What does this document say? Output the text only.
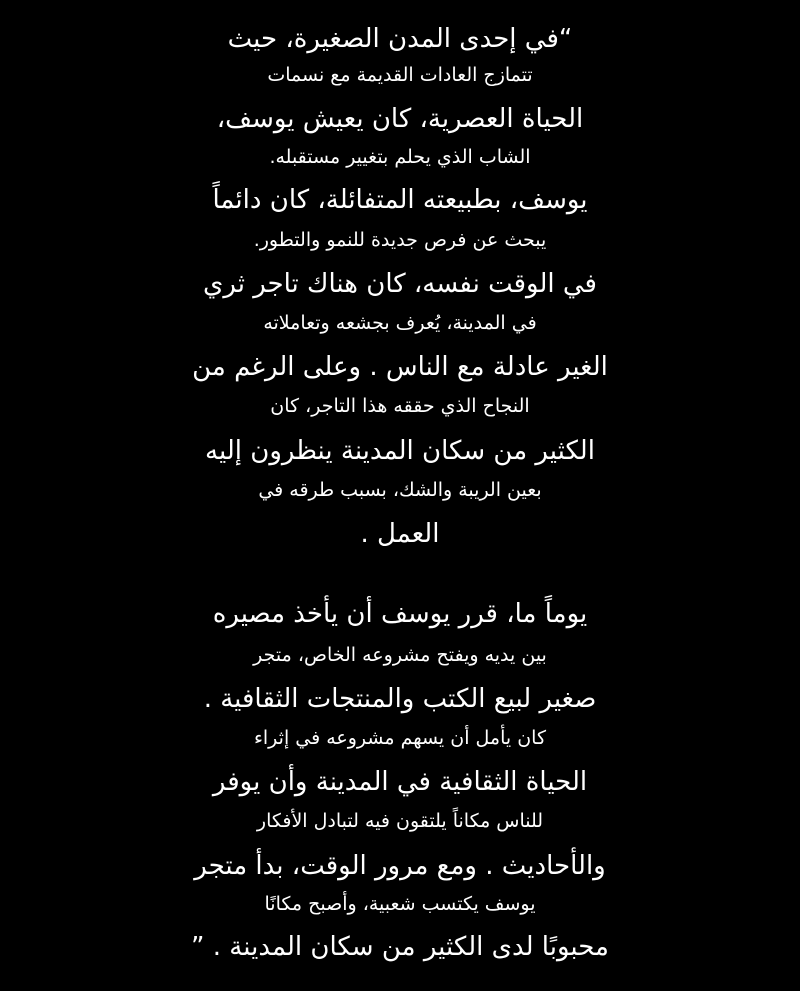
“في إحدى المدن الصغيرة، حيث
تتمازج العادات القديمة مع نسمات
الحياة العصرية، كان يعيش يوسف،
الشاب الذي يحلم بتغيير مستقبله.
يوسف، بطبيعته المتفائلة، كان دائماً
يبحث عن فرص جديدة للنمو والتطور.
في الوقت نفسه، كان هناك تاجر ثري
في المدينة، يُعرف بجشعه وتعاملاته
الغير عادلة مع الناس . وعلى الرغم من
النجاح الذي حققه هذا التاجر، كان
الكثير من سكان المدينة ينظرون إليه
بعين الريبة والشك، بسبب طرقه في
العمل .
يوماً ما، قرر يوسف أن يأخذ مصيره
بين يديه ويفتح مشروعه الخاص، متجر
صغير لبيع الكتب والمنتجات الثقافية .
كان يأمل أن يسهم مشروعه في إثراء
الحياة الثقافية في المدينة وأن يوفر
للناس مكاناً يلتقون فيه لتبادل الأفكار
والأحاديث . ومع مرور الوقت، بدأ متجر
يوسف يكتسب شعبية، وأصبح مكانًا
محبوبًا لدى الكثير من سكان المدينة . ”
